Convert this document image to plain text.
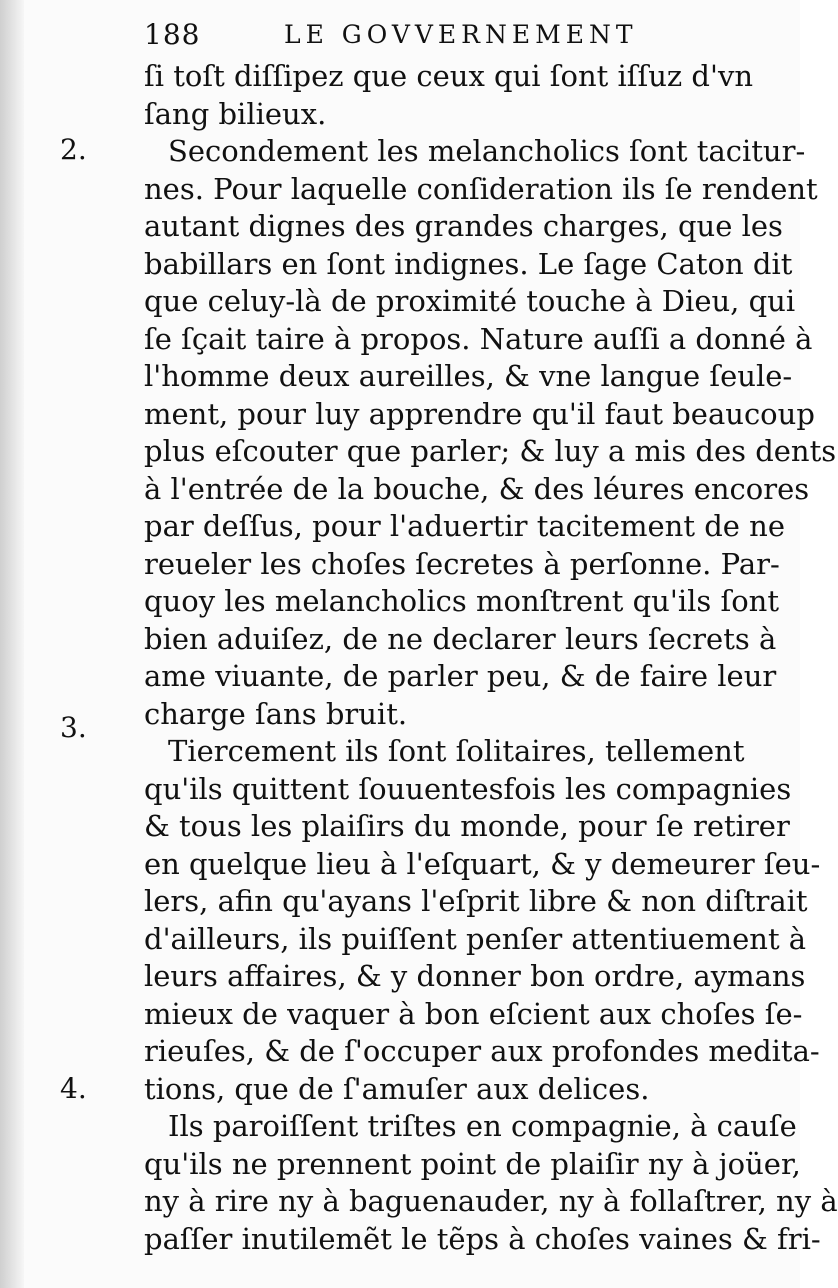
188	LE GOVVERNEMENT
2.
3.
4.
ſi toſt diſſipez que ceux qui ſont iſſuz d'vn
ſang bilieux.
Secondement les melancholics ſont tacitur-
nes. Pour laquelle conſideration ils ſe rendent
autant dignes des grandes charges, que les
babillars en ſont indignes. Le ſage Caton dit
que celuy-là de proximité touche à Dieu, qui
ſe ſçait taire à propos. Nature auſſi a donné à
l'homme deux aureilles, & vne langue ſeule-
ment, pour luy apprendre qu'il faut beaucoup
plus eſcouter que parler; & luy a mis des dents
à l'entrée de la bouche, & des léures encores
par deſſus, pour l'aduertir tacitement de ne
reueler les choſes ſecretes à perſonne. Par-
quoy les melancholics monſtrent qu'ils ſont
bien aduiſez, de ne declarer leurs ſecrets à
ame viuante, de parler peu, & de faire leur
charge ſans bruit.
Tiercement ils ſont ſolitaires, tellement
qu'ils quittent ſouuentesfois les compagnies
& tous les plaiſirs du monde, pour ſe retirer
en quelque lieu à l'eſquart, & y demeurer ſeu-
lers, afin qu'ayans l'eſprit libre & non diſtrait
d'ailleurs, ils puiſſent penſer attentiuement à
leurs affaires, & y donner bon ordre, aymans
mieux de vaquer à bon eſcient aux choſes ſe-
rieuſes, & de ſ'occuper aux profondes medita-
tions, que de ſ'amuſer aux delices.
Ils paroiſſent triſtes en compagnie, à cauſe
qu'ils ne prennent point de plaiſir ny à joüer,
ny à rire ny à baguenauder, ny à follaſtrer, ny à
paſſer inutilemẽt le tẽps à choſes vaines & fri-
